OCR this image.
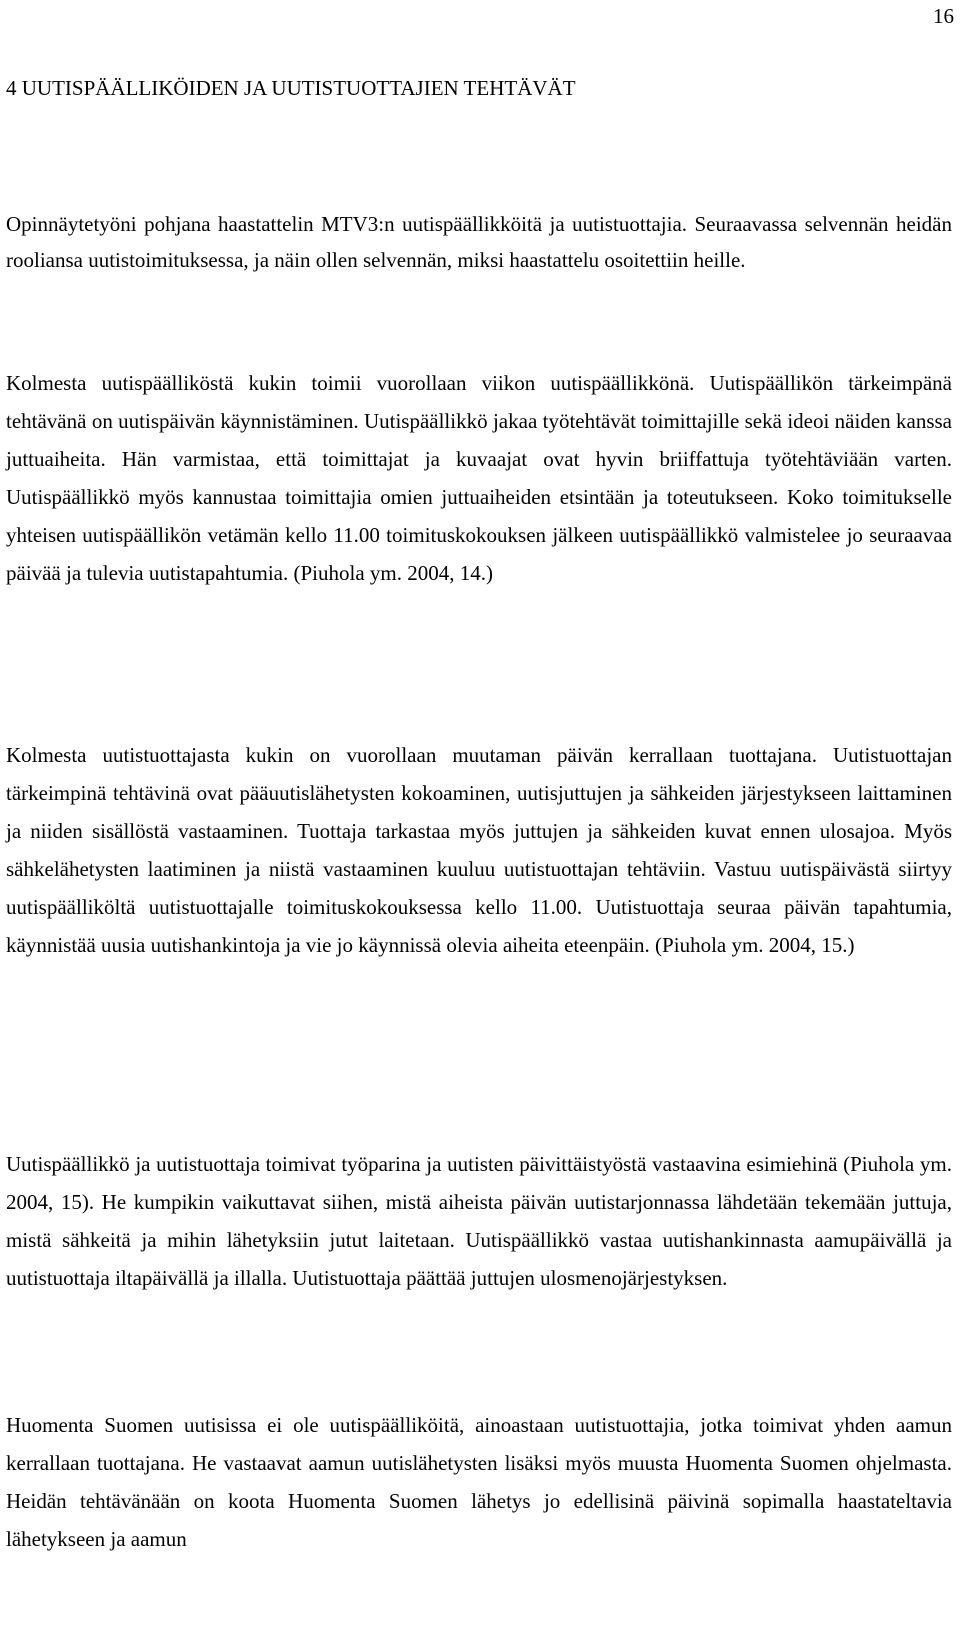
16
4 UUTISPÄÄLLIKÖIDEN JA UUTISTUOTTAJIEN TEHTÄVÄT

Opinnäytetyöni pohjana haastattelin MTV3:n uutispäällikköitä ja uutistuottajia. Seuraavassa selvennän heidän rooliansa uutistoimituksessa, ja näin ollen selvennän, miksi haastattelu osoitettiin heille.

Kolmesta uutispäälliköstä kukin toimii vuorollaan viikon uutispäällikkönä. Uutispäällikön tärkeimpänä tehtävänä on uutispäivän käynnistäminen. Uutispäällikkö jakaa työtehtävät toimittajille sekä ideoi näiden kanssa juttuaiheita. Hän varmistaa, että toimittajat ja kuvaajat ovat hyvin briiffattuja työtehtäviään varten. Uutispäällikkö myös kannustaa toimittajia omien juttuaiheiden etsintään ja toteutukseen. Koko toimitukselle yhteisen uutispäällikön vetämän kello 11.00 toimituskokouksen jälkeen uutispäällikkö valmistelee jo seuraavaa päivää ja tulevia uutistapahtumia. (Piuhola ym. 2004, 14.)

Kolmesta uutistuottajasta kukin on vuorollaan muutaman päivän kerrallaan tuottajana. Uutistuottajan tärkeimpinä tehtävinä ovat pääuutislähetysten kokoaminen, uutisjuttujen ja sähkeiden järjestykseen laittaminen ja niiden sisällöstä vastaaminen. Tuottaja tarkastaa myös juttujen ja sähkeiden kuvat ennen ulosajoa. Myös sähkelähetysten laatiminen ja niistä vastaaminen kuuluu uutistuottajan tehtäviin. Vastuu uutispäivästä siirtyy uutispäälliköltä uutistuottajalle toimituskokouksessa kello 11.00. Uutistuottaja seuraa päivän tapahtumia, käynnistää uusia uutishankintoja ja vie jo käynnissä olevia aiheita eteenpäin. (Piuhola ym. 2004, 15.)

Uutispäällikkö ja uutistuottaja toimivat työparina ja uutisten päivittäistyöstä vastaavina esimiehinä (Piuhola ym. 2004, 15). He kumpikin vaikuttavat siihen, mistä aiheista päivän uutistarjonnassa lähdetään tekemään juttuja, mistä sähkeitä ja mihin lähetyksiin jutut laitetaan. Uutispäällikkö vastaa uutishankinnasta aamupäivällä ja uutistuottaja iltapäivällä ja illalla. Uutistuottaja päättää juttujen ulosmenojärjestyksen.

Huomenta Suomen uutisissa ei ole uutispäälliköitä, ainoastaan uutistuottajia, jotka toimivat yhden aamun kerrallaan tuottajana. He vastaavat aamun uutislähetysten lisäksi myös muusta Huomenta Suomen ohjelmasta. Heidän tehtävänään on koota Huomenta Suomen lähetys jo edellisinä päivinä sopimalla haastateltavia lähetykseen ja aamun
